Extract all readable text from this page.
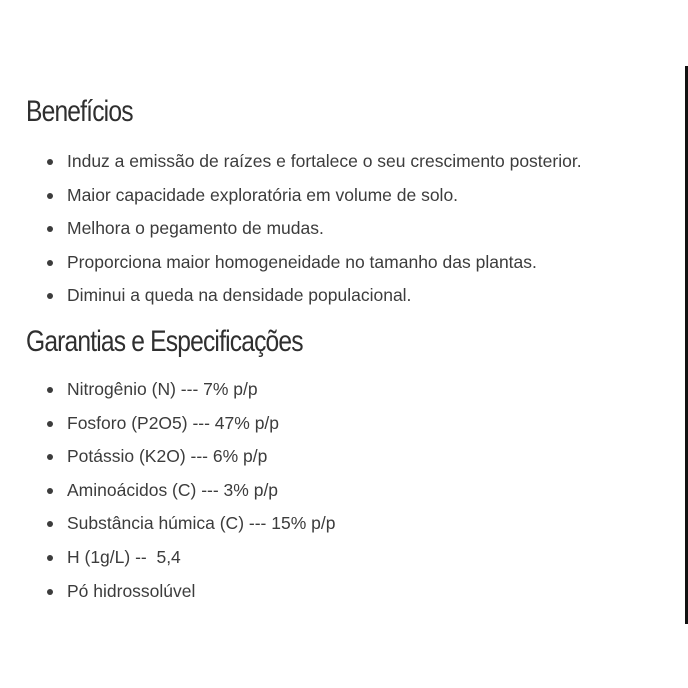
Benefícios
Induz a emissão de raízes e fortalece o seu crescimento posterior.
Maior capacidade exploratória em volume de solo.
Melhora o pegamento de mudas.
Proporciona maior homogeneidade no tamanho das plantas.
Diminui a queda na densidade populacional.
Garantias e Especificações
Nitrogênio (N) --- 7% p/p
Fosforo (P2O5) --- 47% p/p
Potássio (K2O) --- 6% p/p
Aminoácidos (C) --- 3% p/p
Substância húmica (C) --- 15% p/p
H (1g/L) --  5,4
Pó hidrossolúvel
